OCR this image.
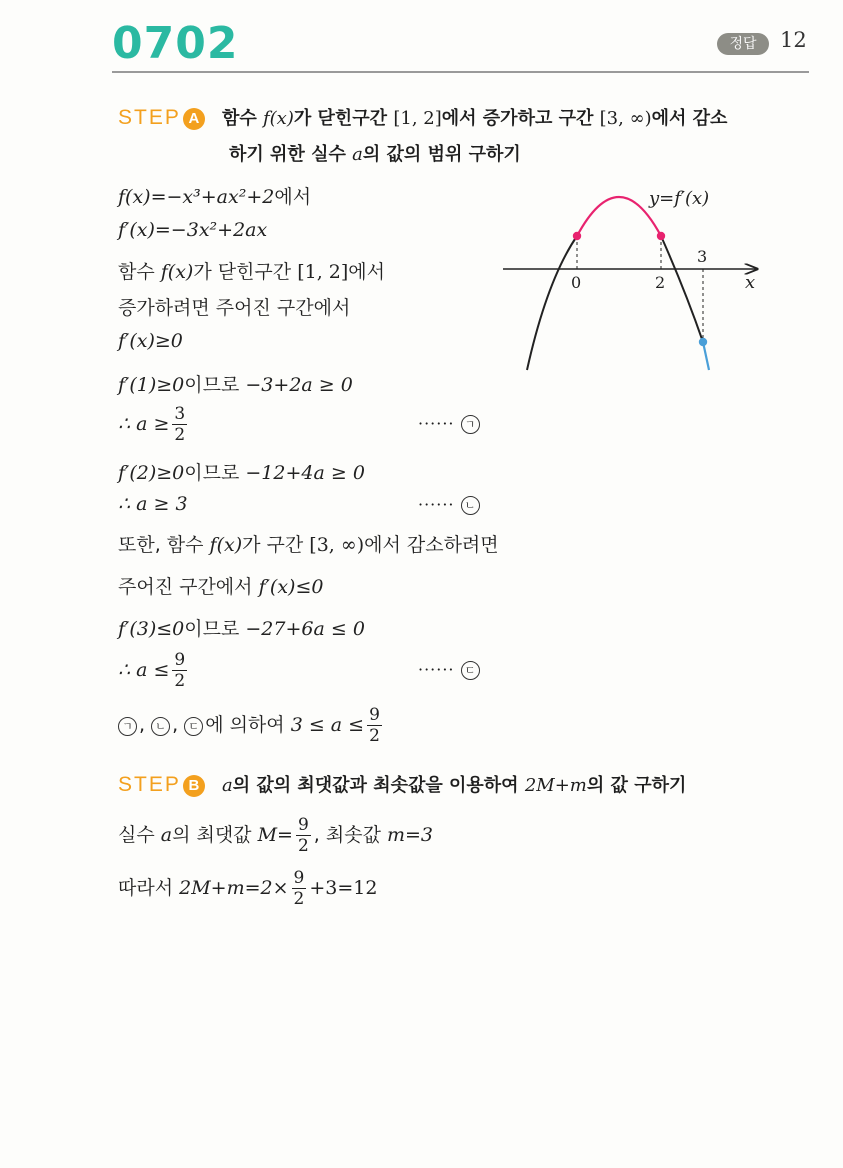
0702	정답	12
STEP A 함수 f(x)가 닫힌구간 [1, 2]에서 증가하고 구간 [3, ∞)에서 감소
하기 위한 실수 a의 값의 범위 구하기
f(x)=−x³+ax²+2에서
f′(x)=−3x²+2ax
함수 f(x)가 닫힌구간 [1, 2]에서
증가하려면 주어진 구간에서
f′(x)≥0
f′(1)≥0이므로 −3+2a ≥ 0
∴ $a \ge \frac{3}{2}$	······ ㄱ
f′(2)≥0이므로 −12+4a ≥ 0
∴ a ≥ 3	······ ㄴ
또한, 함수 f(x)가 구간 [3, ∞)에서 감소하려면
주어진 구간에서 f′(x)≤0
f′(3)≤0이므로 −27+6a ≤ 0
∴ $a \le \frac{9}{2}$	······ ㄷ
ㄱ , ㄴ , ㄷ 에 의하여 $3 \le a \le \frac{9}{2}$
STEP B a의 값의 최댓값과 최솟값을 이용하여 2M+m의 값 구하기
실수 a의 최댓값 $M= \frac{9}{2}$ , 최솟값 m=3
따라서 $2M+m=2\times \frac{9}{2} +3=12$
y=f′(x)
x
0	2
3
